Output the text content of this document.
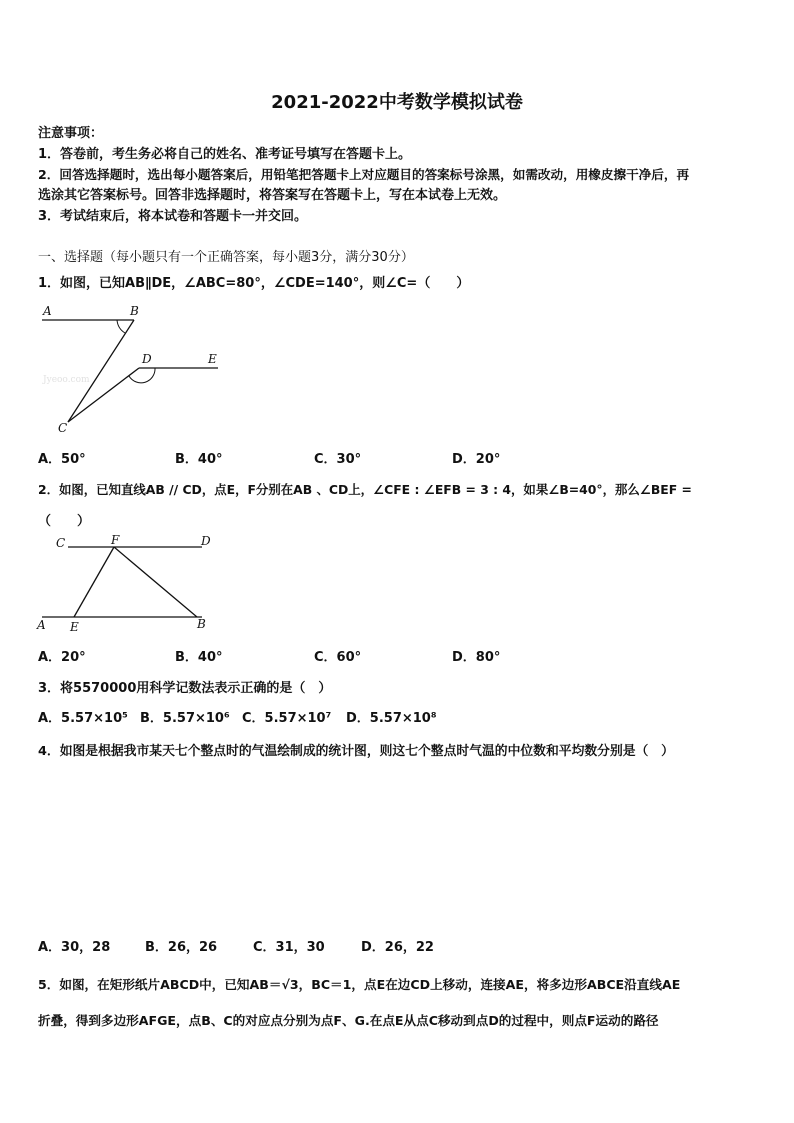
2021-2022中考数学模拟试卷
注意事项：
1．答卷前，考生务必将自己的姓名、准考证号填写在答题卡上。
2．回答选择题时，选出每小题答案后，用铅笔把答题卡上对应题目的答案标号涂黑，如需改动，用橡皮擦干净后，再
选涂其它答案标号。回答非选择题时，将答案写在答题卡上，写在本试卷上无效。
3．考试结束后，将本试卷和答题卡一并交回。
一、选择题（每小题只有一个正确答案，每小题3分，满分30分）
1．如图，已知AB∥DE，∠ABC=80°，∠CDE=140°，则∠C=（　　）
A	B
D	E
C
Jyeoo.com
A．50°	B．40°	C．30°	D．20°
2．如图，已知直线AB // CD，点E，F分别在AB 、CD上，∠CFE : ∠EFB = 3 : 4，如果∠B=40°，那么∠BEF =
（　　）
C	F	D
A E	B
A．20°	B．40°	C．60°	D．80°
3．将5570000用科学记数法表示正确的是（　）
A．5.57×10⁵ B．5.57×10⁶ C．5.57×10⁷ D．5.57×10⁸
4．如图是根据我市某天七个整点时的气温绘制成的统计图，则这七个整点时气温的中位数和平均数分别是（　）
A．30，28	B．26，26	C．31，30	D．26，22
5．如图，在矩形纸片ABCD中，已知AB＝√3，BC＝1，点E在边CD上移动，连接AE，将多边形ABCE沿直线AE
折叠，得到多边形AFGE，点B、C的对应点分别为点F、G.在点E从点C移动到点D的过程中，则点F运动的路径
